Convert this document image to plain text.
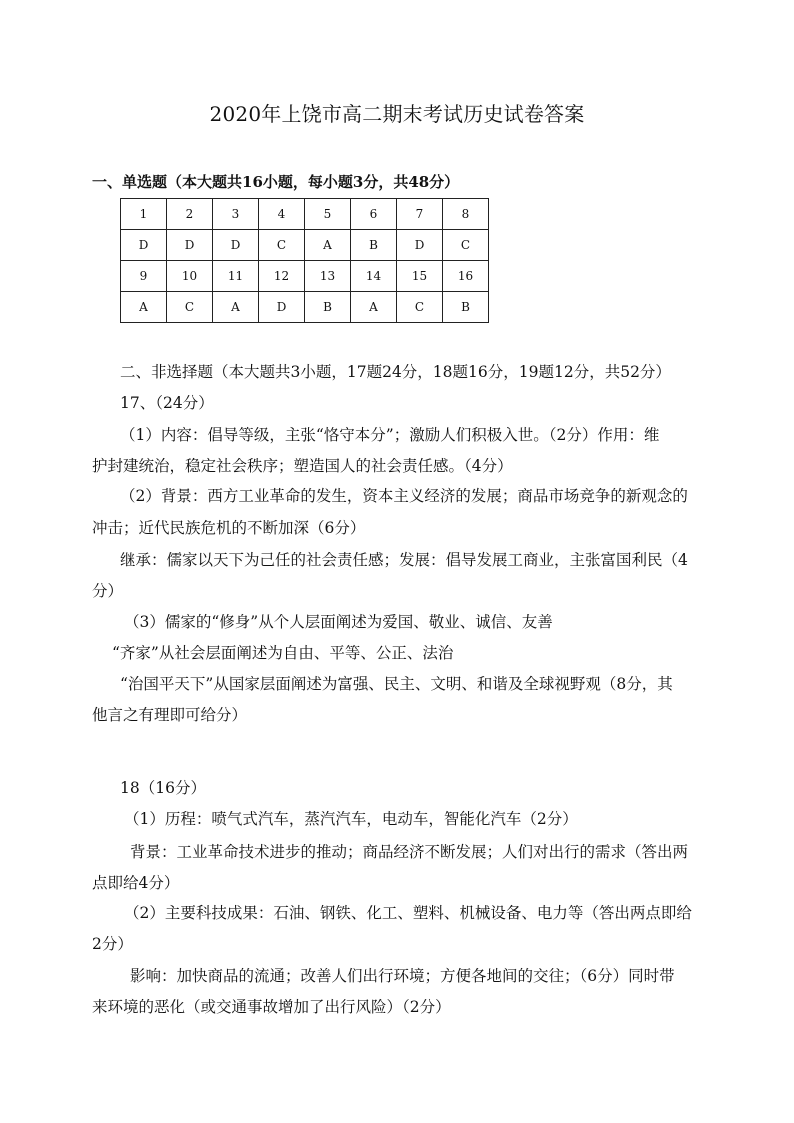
2020年上饶市高二期末考试历史试卷答案
一、单选题（本大题共16小题，每小题3分，共48分）
1	2	3	4	5	6	7	8
D	D	D	C	A	B	D	C
9	10	11	12	13	14	15	16
A	C	A	D	B	A	C	B
二、非选择题（本大题共3小题，17题24分，18题16分，19题12分，共52分）
17、（24分）
（1）内容：倡导等级，主张“恪守本分”；激励人们积极入世。（2分）作用：维
护封建统治，稳定社会秩序；塑造国人的社会责任感。（4分）
（2）背景：西方工业革命的发生，资本主义经济的发展；商品市场竞争的新观念的
冲击；近代民族危机的不断加深（6分）
继承：儒家以天下为己任的社会责任感；发展：倡导发展工商业，主张富国利民（4
分）
（3）儒家的“修身”从个人层面阐述为爱国、敬业、诚信、友善
“齐家”从社会层面阐述为自由、平等、公正、法治
“治国平天下”从国家层面阐述为富强、民主、文明、和谐及全球视野观（8分，其
他言之有理即可给分）
18（16分）
（1）历程：喷气式汽车，蒸汽汽车，电动车，智能化汽车（2分）
背景：工业革命技术进步的推动；商品经济不断发展；人们对出行的需求（答出两
点即给4分）
（2）主要科技成果：石油、钢铁、化工、塑料、机械设备、电力等（答出两点即给
2分）
影响：加快商品的流通；改善人们出行环境；方便各地间的交往；（6分）同时带
来环境的恶化（或交通事故增加了出行风险）（2分）
